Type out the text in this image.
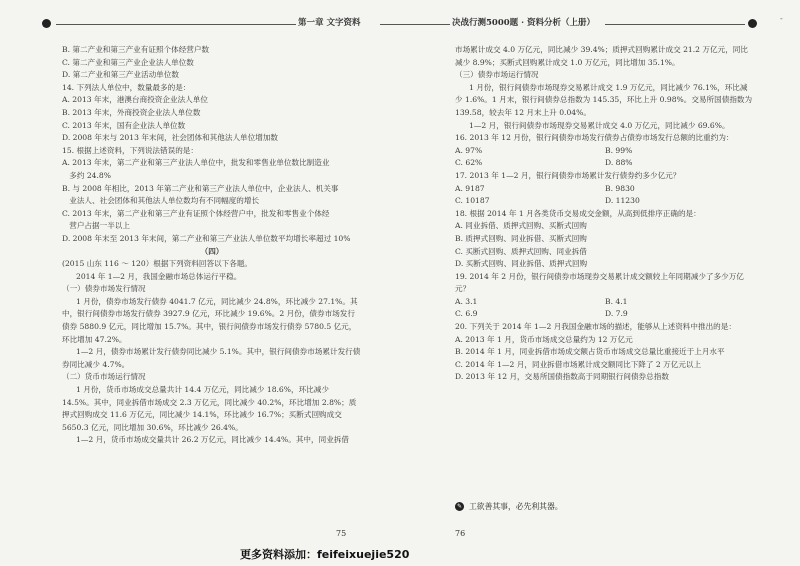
第一章 文字资料	决战行测5000题 · 资料分析（上册）	-

B. 第二产业和第三产业有证照个体经营户数

C. 第二产业和第三产业企业法人单位数

D. 第二产业和第三产业活动单位数

14. 下列法人单位中，数量最多的是：

A. 2013 年末，港澳台商投资企业法人单位

B. 2013 年末，外商投资企业法人单位数

C. 2013 年末，国有企业法人单位数

D. 2008 年末与 2013 年末间，社会团体和其他法人单位增加数

15. 根据上述资料，下列说法错误的是：

A. 2013 年末，第二产业和第三产业法人单位中，批发和零售业单位数比制造业

多约 24.8%

B. 与 2008 年相比，2013 年第二产业和第三产业法人单位中，企业法人、机关事

业法人、社会团体和其他法人单位数均有不同幅度的增长

C. 2013 年末，第二产业和第三产业有证照个体经营户中，批发和零售业个体经

营户占据一半以上

D. 2008 年末至 2013 年末间，第二产业和第三产业法人单位数平均增长率超过 10%

（四）

(2015 山东 116 ～ 120）根据下列资料回答以下各题。

2014 年 1—2 月，我国金融市场总体运行平稳。

（一）债券市场发行情况

1 月份，债券市场发行债券 4041.7 亿元，同比减少 24.8%，环比减少 27.1%。其中，银行间债券市场发行债券 3927.9 亿元，环比减少 19.6%。2 月份，债券市场发行债券 5880.9 亿元，同比增加 15.7%。其中，银行间债券市场发行债券 5780.5 亿元，环比增加 47.2%。

1—2 月，债券市场累计发行债券同比减少 5.1%。其中，银行间债券市场累计发行债券同比减少 4.7%。

（二）货币市场运行情况

1 月份，货币市场成交总量共计 14.4 万亿元，同比减少 18.6%，环比减少 14.5%。其中，同业拆借市场成交 2.3 万亿元，同比减少 40.2%，环比增加 2.8%；质押式回购成交 11.6 万亿元，同比减少 14.1%，环比减少 16.7%；买断式回购成交 5650.3 亿元，同比增加 30.6%，环比减少 26.4%。

1—2 月，货币市场成交量共计 26.2 万亿元，同比减少 14.4%。其中，同业拆借

75

市场累计成交 4.0 万亿元，同比减少 39.4%；质押式回购累计成交 21.2 万亿元，同比减少 8.9%；买断式回购累计成交 1.0 万亿元，同比增加 35.1%。

（三）债券市场运行情况

1 月份，银行间债券市场现券交易累计成交 1.9 万亿元，同比减少 76.1%，环比减少 1.6%。1 月末，银行间债券总指数为 145.35，环比上升 0.98%。交易所国债指数为 139.58，较去年 12 月末上升 0.04%。

1—2 月，银行间债券市场现券交易累计成交 4.0 万亿元，同比减少 69.6%。

16. 2013 年 12 月份，银行间债券市场发行债券占债券市场发行总额的比重约为：

A. 97%	B. 99%
C. 62%	D. 88%

17. 2013 年 1—2 月，银行间债券市场累计发行债券约多少亿元？

A. 9187	B. 9830
C. 10187	D. 11230

18. 根据 2014 年 1 月各类货币交易成交金额，从高到低排序正确的是：

A. 同业拆借、质押式回购、买断式回购

B. 质押式回购、同业拆借、买断式回购

C. 买断式回购、质押式回购、同业拆借

D. 买断式回购、同业拆借、质押式回购

19. 2014 年 2 月份，银行间债券市场现券交易累计成交额较上年同期减少了多少万亿元？

A. 3.1	B. 4.1
C. 6.9	D. 7.9

20. 下列关于 2014 年 1—2 月我国金融市场的描述，能够从上述资料中推出的是：

A. 2013 年 1 月，货币市场成交总量约为 12 万亿元

B. 2014 年 1 月，同业拆借市场成交额占货币市场成交总量比重接近于上月水平

C. 2014 年 1—2 月，同业拆借市场累计成交额同比下降了 2 万亿元以上

D. 2013 年 12 月，交易所国债指数高于同期银行间债券总指数

✎ 工欲善其事，必先利其器。
76
更多资料添加：feifeixuejie520
